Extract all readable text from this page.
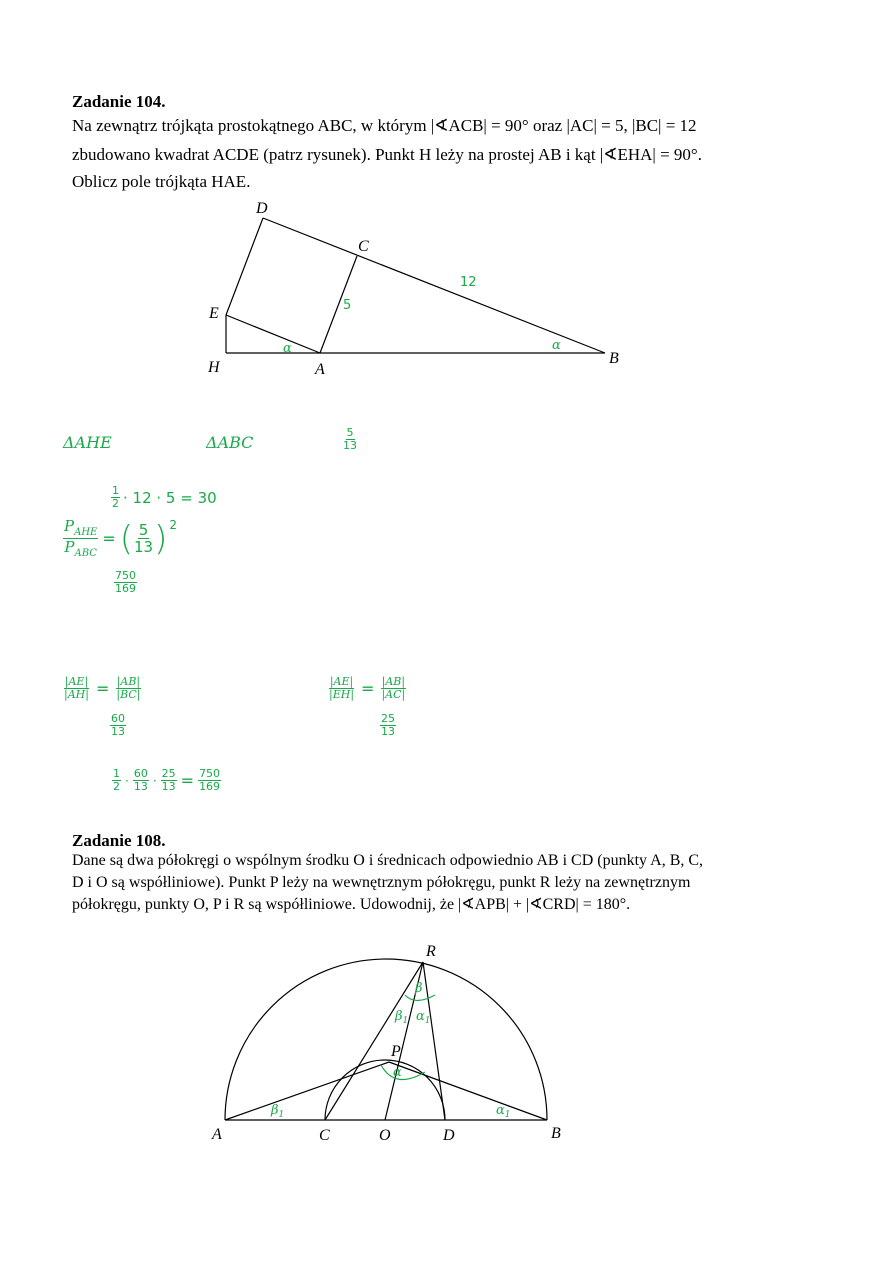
Zadanie 104.
Na zewnątrz trójkąta prostokątnego ABC, w którym |∢ACB| = 90° oraz |AC| = 5, |BC| = 12
zbudowano kwadrat ACDE (patrz rysunek). Punkt H leży na prostej AB i kąt |∢EHA| = 90°.
Oblicz pole trójkąta HAE.
D
C
E
H	A
B
12
5
α	α
ΔAHE	ΔABC	$\frac{5}{13}$
$\frac{1}{2} \cdot 12 \cdot 5 = 30$
$\frac{P_{AHE}}{P_{ABC}}$ = ( $\frac{5}{13}$ ) 2
$\frac{750}{169}$
$\frac{|AE|}{|AH|} = \frac{|AB|}{|BC|}$	$\frac{|AE|}{|EH|} = \frac{|AB|}{|AC|}$
$\frac{60}{13}$	$\frac{25}{13}$
$\frac{1}{2} \cdot \frac{60}{13} \cdot \frac{25}{13} = \frac{750}{169}$
Zadanie 108.
Dane są dwa półokręgi o wspólnym środku O i średnicach odpowiednio AB i CD (punkty A, B, C,
D i O są współliniowe). Punkt P leży na wewnętrznym półokręgu, punkt R leży na zewnętrznym
półokręgu, punkty O, P i R są współliniowe. Udowodnij, że |∢APB| + |∢CRD| = 180°.
R
P
A	C	O	D	B
β
$\beta_1$ $\alpha_1$
α
$\beta_1$	$\alpha_1$
